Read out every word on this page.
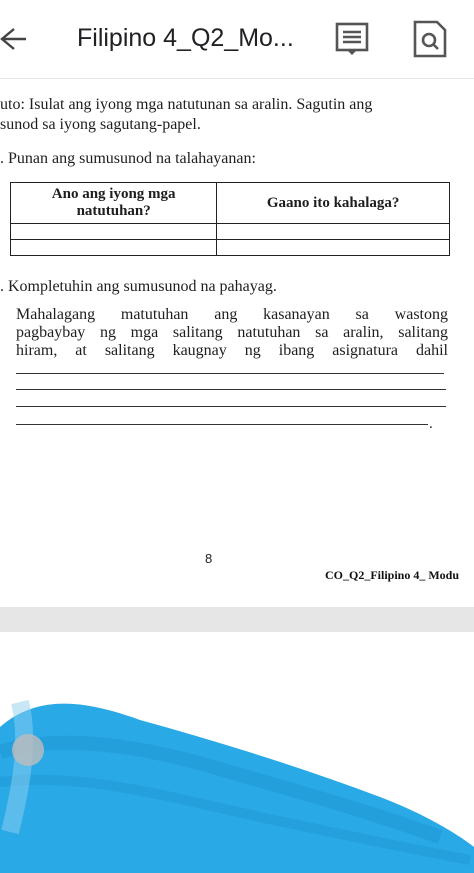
Filipino 4_Q2_Mo...
uto: Isulat ang iyong mga natutunan sa aralin. Sagutin ang
sunod sa iyong sagutang-papel.
. Punan ang sumusunod na talahayanan:
Ano ang iyong mga natutuhan?	Gaano ito kahalaga?

. Kompletuhin ang sumusunod na pahayag.
Mahalagang matutuhan ang kasanayan sa wastong
pagbaybay ng mga salitang natutuhan sa aralin, salitang
hiram, at salitang kaugnay ng ibang asignatura dahil
.
8
CO_Q2_Filipino 4_ Modu
